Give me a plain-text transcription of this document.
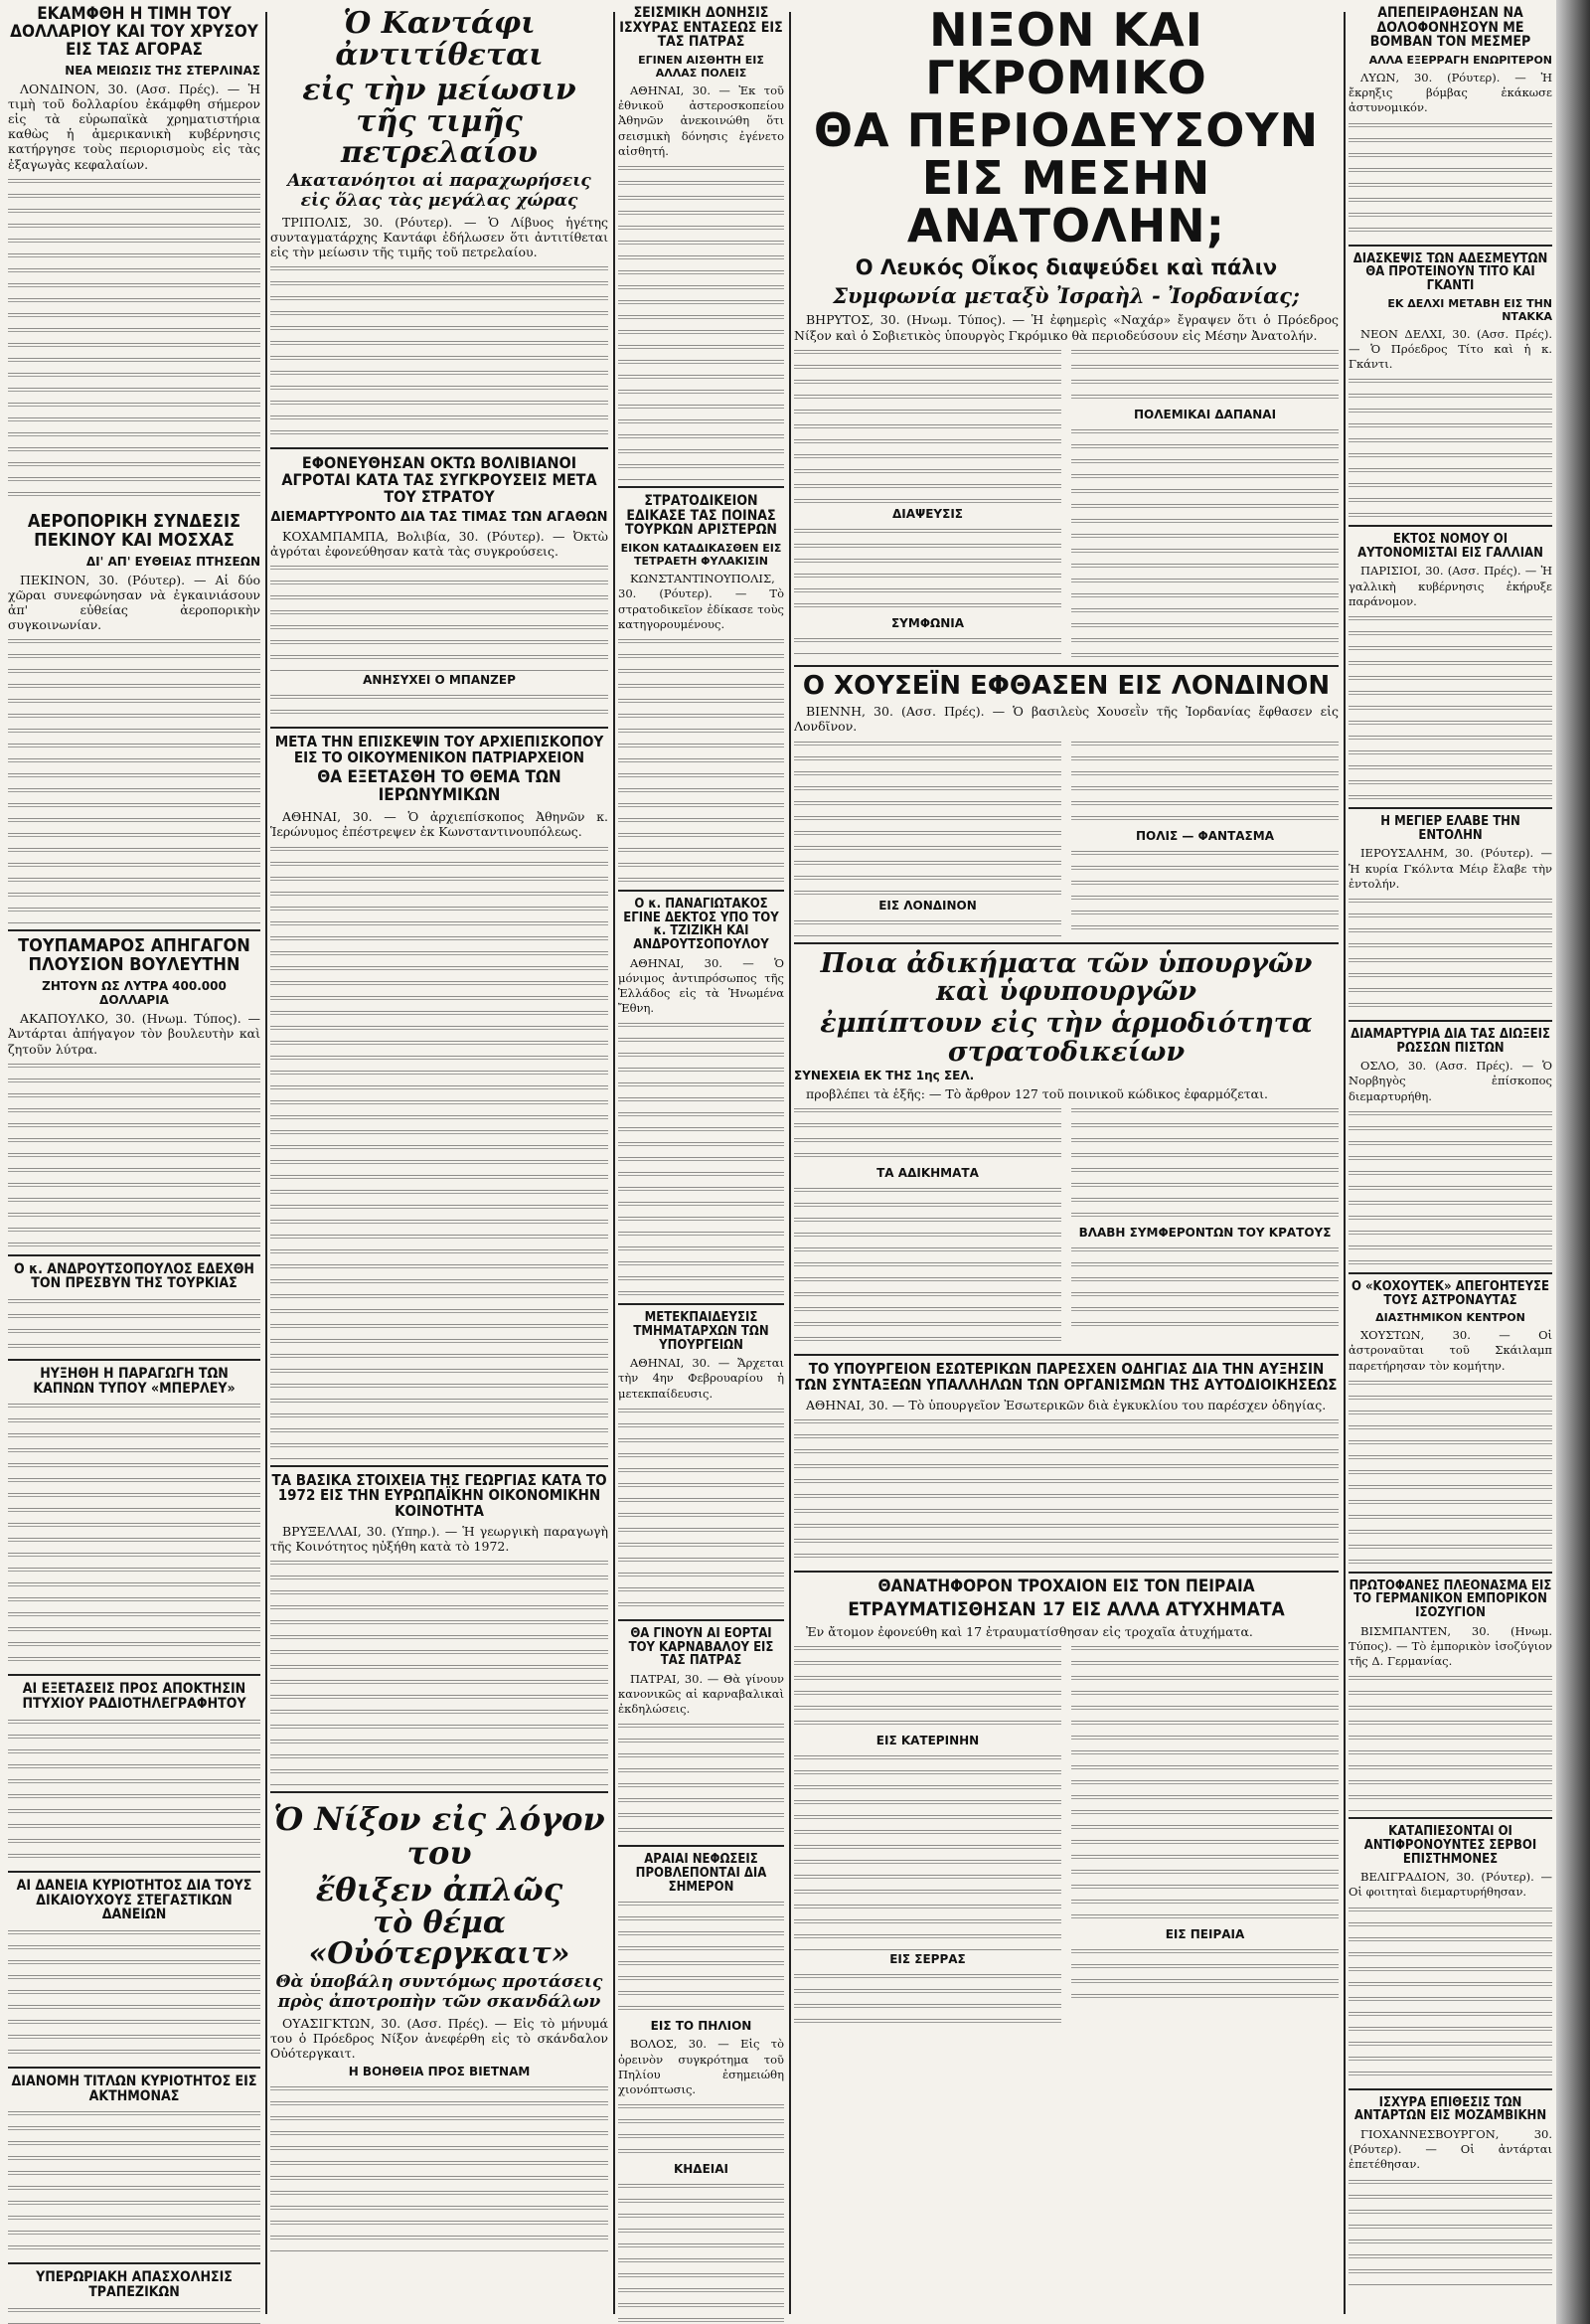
ΕΚΑΜΦΘΗ Η ΤΙΜΗ ΤΟΥ ΔΟΛΛΑΡΙΟΥ ΚΑΙ ΤΟΥ ΧΡΥΣΟΥ ΕΙΣ ΤΑΣ ΑΓΟΡΑΣ
ΝΕΑ ΜΕΙΩΣΙΣ ΤΗΣ ΣΤΕΡΛΙΝΑΣ

ΛΟΝΔΙΝΟΝ, 30. (Ασσ. Πρές). — Ἡ τιμὴ τοῦ δολλαρίου ἐκάμφθη σήμερον εἰς τὰ εὐρωπαϊκὰ χρηματιστήρια καθὼς ἡ ἀμερικανικὴ κυβέρνησις κατήργησε τοὺς περιορισμοὺς εἰς τὰς ἐξαγωγὰς κεφαλαίων.

ΑΕΡΟΠΟΡΙΚΗ ΣΥΝΔΕΣΙΣ ΠΕΚΙΝΟΥ ΚΑΙ ΜΟΣΧΑΣ
ΔΙ' ΑΠ' ΕΥΘΕΙΑΣ ΠΤΗΣΕΩΝ

ΠΕΚΙΝΟΝ, 30. (Ρόυτερ). — Αἱ δύο χῶραι συνεφώνησαν νὰ ἐγκαινιάσουν ἀπ' εὐθείας ἀεροπορικὴν συγκοινωνίαν.

ΤΟΥΠΑΜΑΡΟΣ ΑΠΗΓΑΓΟΝ ΠΛΟΥΣΙΟΝ ΒΟΥΛΕΥΤΗΝ
ΖΗΤΟΥΝ ΩΣ ΛΥΤΡΑ 400.000 ΔΟΛΛΑΡΙΑ

ΑΚΑΠΟΥΛΚΟ, 30. (Ηνωμ. Τύπος). — Ἀντάρται ἀπήγαγον τὸν βουλευτὴν καὶ ζητοῦν λύτρα.

Ο κ. ΑΝΔΡΟΥΤΣΟΠΟΥΛΟΣ ΕΔΕΧΘΗ ΤΟΝ ΠΡΕΣΒΥΝ ΤΗΣ ΤΟΥΡΚΙΑΣ
ΗΥΞΗΘΗ Η ΠΑΡΑΓΩΓΗ ΤΩΝ ΚΑΠΝΩΝ ΤΥΠΟΥ «ΜΠΕΡΛΕΥ»
ΑΙ ΕΞΕΤΑΣΕΙΣ ΠΡΟΣ ΑΠΟΚΤΗΣΙΝ ΠΤΥΧΙΟΥ ΡΑΔΙΟΤΗΛΕΓΡΑΦΗΤΟΥ
ΑΙ ΔΑΝΕΙΑ ΚΥΡΙΟΤΗΤΟΣ ΔΙΑ ΤΟΥΣ ΔΙΚΑΙΟΥΧΟΥΣ ΣΤΕΓΑΣΤΙΚΩΝ ΔΑΝΕΙΩΝ
ΔΙΑΝΟΜΗ ΤΙΤΛΩΝ ΚΥΡΙΟΤΗΤΟΣ ΕΙΣ ΑΚΤΗΜΟΝΑΣ
ΥΠΕΡΩΡΙΑΚΗ ΑΠΑΣΧΟΛΗΣΙΣ ΤΡΑΠΕΖΙΚΩΝ
Ὁ Καντάφι ἀντιτίθεται
εἰς τὴν μείωσιν
τῆς τιμῆς πετρελαίου
Ακατανόητοι αἱ παραχωρήσεις εἰς ὅλας τὰς μεγάλας χώρας

ΤΡΙΠΟΛΙΣ, 30. (Ρόυτερ). — Ὁ Λίβυος ἡγέτης συνταγματάρχης Καντάφι ἐδήλωσεν ὅτι ἀντιτίθεται εἰς τὴν μείωσιν τῆς τιμῆς τοῦ πετρελαίου.

ΕΦΟΝΕΥΘΗΣΑΝ ΟΚΤΩ ΒΟΛΙΒΙΑΝΟΙ ΑΓΡΟΤΑΙ ΚΑΤΑ ΤΑΣ ΣΥΓΚΡΟΥΣΕΙΣ ΜΕΤΑ ΤΟΥ ΣΤΡΑΤΟΥ
ΔΙΕΜΑΡΤΥΡΟΝΤΟ ΔΙΑ ΤΑΣ ΤΙΜΑΣ ΤΩΝ ΑΓΑΘΩΝ

ΚΟΧΑΜΠΑΜΠΑ, Βολιβία, 30. (Ρόυτερ). — Ὀκτὼ ἀγρόται ἐφονεύθησαν κατὰ τὰς συγκρούσεις.

ΑΝΗΣΥΧΕΙ Ο ΜΠΑΝΖΕΡ
ΜΕΤΑ ΤΗΝ ΕΠΙΣΚΕΨΙΝ ΤΟΥ ΑΡΧΙΕΠΙΣΚΟΠΟΥ ΕΙΣ ΤΟ ΟΙΚΟΥΜΕΝΙΚΟΝ ΠΑΤΡΙΑΡΧΕΙΟΝ
ΘΑ ΕΞΕΤΑΣΘΗ ΤΟ ΘΕΜΑ ΤΩΝ ΙΕΡΩΝΥΜΙΚΩΝ

ΑΘΗΝΑΙ, 30. — Ὁ ἀρχιεπίσκοπος Ἀθηνῶν κ. Ἱερώνυμος ἐπέστρεψεν ἐκ Κωνσταντινουπόλεως.

ΤΑ ΒΑΣΙΚΑ ΣΤΟΙΧΕΙΑ ΤΗΣ ΓΕΩΡΓΙΑΣ ΚΑΤΑ ΤΟ 1972 ΕΙΣ ΤΗΝ ΕΥΡΩΠΑΪΚΗΝ ΟΙΚΟΝΟΜΙΚΗΝ ΚΟΙΝΟΤΗΤΑ

ΒΡΥΞΕΛΛΑΙ, 30. (Υπηρ.). — Ἡ γεωργικὴ παραγωγὴ τῆς Κοινότητος ηὐξήθη κατὰ τὸ 1972.

Ὁ Νίξον εἰς λόγον του
ἔθιξεν ἀπλῶς
τὸ θέμα «Οὐότεργκαιτ»
Θὰ ὑποβάλη συντόμως προτάσεις πρὸς ἀποτροπὴν τῶν σκανδάλων

ΟΥΑΣΙΓΚΤΩΝ, 30. (Ασσ. Πρές). — Εἰς τὸ μήνυμά του ὁ Πρόεδρος Νίξον ἀνεφέρθη εἰς τὸ σκάνδαλον Οὐότεργκαιτ.

Η ΒΟΗΘΕΙΑ ΠΡΟΣ ΒΙΕΤΝΑΜ
ΣΕΙΣΜΙΚΗ ΔΟΝΗΣΙΣ ΙΣΧΥΡΑΣ ΕΝΤΑΣΕΩΣ ΕΙΣ ΤΑΣ ΠΑΤΡΑΣ
ΕΓΙΝΕΝ ΑΙΣΘΗΤΗ ΕΙΣ ΑΛΛΑΣ ΠΟΛΕΙΣ

ΑΘΗΝΑΙ, 30. — Ἐκ τοῦ ἐθνικοῦ ἀστεροσκοπείου Ἀθηνῶν ἀνεκοινώθη ὅτι σεισμικὴ δόνησις ἐγένετο αἰσθητή.

ΣΤΡΑΤΟΔΙΚΕΙΟΝ ΕΔΙΚΑΣΕ ΤΑΣ ΠΟΙΝΑΣ ΤΟΥΡΚΩΝ ΑΡΙΣΤΕΡΩΝ
ΕΙΚΟΝ ΚΑΤΑΔΙΚΑΣΘΕΝ ΕΙΣ ΤΕΤΡΑΕΤΗ ΦΥΛΑΚΙΣΙΝ

ΚΩΝΣΤΑΝΤΙΝΟΥΠΟΛΙΣ, 30. (Ρόυτερ). — Τὸ στρατοδικεῖον ἐδίκασε τοὺς κατηγορουμένους.

Ο κ. ΠΑΝΑΓΙΩΤΑΚΟΣ ΕΓΙΝΕ ΔΕΚΤΟΣ ΥΠΟ ΤΟΥ κ. ΤΖΙΖΙΚΗ ΚΑΙ ΑΝΔΡΟΥΤΣΟΠΟΥΛΟΥ

ΑΘΗΝΑΙ, 30. — Ὁ μόνιμος ἀντιπρόσωπος τῆς Ἑλλάδος εἰς τὰ Ἡνωμένα Ἔθνη.

ΜΕΤΕΚΠΑΙΔΕΥΣΙΣ ΤΜΗΜΑΤΑΡΧΩΝ ΤΩΝ ΥΠΟΥΡΓΕΙΩΝ

ΑΘΗΝΑΙ, 30. — Ἄρχεται τὴν 4ην Φεβρουαρίου ἡ μετεκπαίδευσις.

ΘΑ ΓΙΝΟΥΝ ΑΙ ΕΟΡΤΑΙ ΤΟΥ ΚΑΡΝΑΒΑΛΟΥ ΕΙΣ ΤΑΣ ΠΑΤΡΑΣ

ΠΑΤΡΑΙ, 30. — Θὰ γίνουν κανονικῶς αἱ καρναβαλικαὶ ἐκδηλώσεις.

ΑΡΑΙΑΙ ΝΕΦΩΣΕΙΣ ΠΡΟΒΛΕΠΟΝΤΑΙ ΔΙΑ ΣΗΜΕΡΟΝ
ΕΙΣ ΤΟ ΠΗΛΙΟΝ

ΒΟΛΟΣ, 30. — Εἰς τὸ ὀρεινὸν συγκρότημα τοῦ Πηλίου ἐσημειώθη χιονόπτωσις.

ΚΗΔΕΙΑΙ
ΝΙΞΟΝ ΚΑΙ ΓΚΡΟΜΙΚΟ
ΘΑ ΠΕΡΙΟΔΕΥΣΟΥΝ
ΕΙΣ ΜΕΣΗΝ ΑΝΑΤΟΛΗΝ;
Ο Λευκός Οἶκος διαψεύδει καὶ πάλιν
Συμφωνία μεταξὺ Ἰσραὴλ - Ἰορδανίας;

ΒΗΡΥΤΟΣ, 30. (Ηνωμ. Τύπος). — Ἡ ἐφημερὶς «Ναχάρ» ἔγραψεν ὅτι ὁ Πρόεδρος Νίξον καὶ ὁ Σοβιετικὸς ὑπουργὸς Γκρόμικο θὰ περιοδεύσουν εἰς Μέσην Ἀνατολήν.

ΔΙΑΨΕΥΣΙΣ
ΣΥΜΦΩΝΙΑ
ΠΟΛΕΜΙΚΑΙ ΔΑΠΑΝΑΙ
Ο ΧΟΥΣΕΪΝ ΕΦΘΑΣΕΝ ΕΙΣ ΛΟΝΔΙΝΟΝ

ΒΙΕΝΝΗ, 30. (Ασσ. Πρές). — Ὁ βασιλεὺς Χουσεῒν τῆς Ἰορδανίας ἔφθασεν εἰς Λονδῖνον.

ΕΙΣ ΛΟΝΔΙΝΟΝ
ΠΟΛΙΣ — ΦΑΝΤΑΣΜΑ
Ποια ἀδικήματα τῶν ὑπουργῶν καὶ ὑφυπουργῶν
ἐμπίπτουν εἰς τὴν ἁρμοδιότητα στρατοδικείων
ΣΥΝΕΧΕΙΑ ΕΚ ΤΗΣ 1ης ΣΕΛ.

προβλέπει τὰ ἑξῆς: — Τὸ ἄρθρον 127 τοῦ ποινικοῦ κώδικος ἐφαρμόζεται.

ΤΑ ΑΔΙΚΗΜΑΤΑ
ΒΛΑΒΗ ΣΥΜΦΕΡΟΝΤΩΝ ΤΟΥ ΚΡΑΤΟΥΣ
ΤΟ ΥΠΟΥΡΓΕΙΟΝ ΕΣΩΤΕΡΙΚΩΝ ΠΑΡΕΣΧΕΝ ΟΔΗΓΙΑΣ ΔΙΑ ΤΗΝ ΑΥΞΗΣΙΝ ΤΩΝ ΣΥΝΤΑΞΕΩΝ ΥΠΑΛΛΗΛΩΝ ΤΩΝ ΟΡΓΑΝΙΣΜΩΝ ΤΗΣ ΑΥΤΟΔΙΟΙΚΗΣΕΩΣ

ΑΘΗΝΑΙ, 30. — Τὸ ὑπουργεῖον Ἐσωτερικῶν διὰ ἐγκυκλίου του παρέσχεν ὁδηγίας.

ΘΑΝΑΤΗΦΟΡΟΝ ΤΡΟΧΑΙΟΝ ΕΙΣ ΤΟΝ ΠΕΙΡΑΙΑ
ΕΤΡΑΥΜΑΤΙΣΘΗΣΑΝ 17 ΕΙΣ ΑΛΛΑ ΑΤΥΧΗΜΑΤΑ

Ἐν ἄτομον ἐφονεύθη καὶ 17 ἐτραυματίσθησαν εἰς τροχαῖα ἀτυχήματα.

ΕΙΣ ΚΑΤΕΡΙΝΗΝ
ΕΙΣ ΣΕΡΡΑΣ
ΕΙΣ ΠΕΙΡΑΙΑ
ΑΠΕΠΕΙΡΑΘΗΣΑΝ ΝΑ ΔΟΛΟΦΟΝΗΣΟΥΝ ΜΕ ΒΟΜΒΑΝ ΤΟΝ ΜΕΣΜΕΡ
ΑΛΛΑ ΕΞΕΡΡΑΓΗ ΕΝΩΡΙΤΕΡΟΝ

ΛΥΩΝ, 30. (Ρόυτερ). — Ἡ ἔκρηξις βόμβας ἐκάκωσε ἀστυνομικόν.

ΔΙΑΣΚΕΨΙΣ ΤΩΝ ΑΔΕΣΜΕΥΤΩΝ ΘΑ ΠΡΟΤΕΙΝΟΥΝ ΤΙΤΟ ΚΑΙ ΓΚΑΝΤΙ
ΕΚ ΔΕΛΧΙ ΜΕΤΑΒΗ ΕΙΣ ΤΗΝ ΝΤΑΚΚΑ

ΝΕΟΝ ΔΕΛΧΙ, 30. (Ασσ. Πρές). — Ὁ Πρόεδρος Τίτο καὶ ἡ κ. Γκάντι.

ΕΚΤΟΣ ΝΟΜΟΥ ΟΙ ΑΥΤΟΝΟΜΙΣΤΑΙ ΕΙΣ ΓΑΛΛΙΑΝ

ΠΑΡΙΣΙΟΙ, 30. (Ασσ. Πρές). — Ἡ γαλλικὴ κυβέρνησις ἐκήρυξε παράνομον.

Η ΜΕΓΙΕΡ ΕΛΑΒΕ ΤΗΝ ΕΝΤΟΛΗΝ

ΙΕΡΟΥΣΑΛΗΜ, 30. (Ρόυτερ). — Ἡ κυρία Γκόλντα Μέιρ ἔλαβε τὴν ἐντολήν.

ΔΙΑΜΑΡΤΥΡΙΑ ΔΙΑ ΤΑΣ ΔΙΩΞΕΙΣ ΡΩΣΣΩΝ ΠΙΣΤΩΝ

ΟΣΛΟ, 30. (Ασσ. Πρές). — Ὁ Νορβηγὸς ἐπίσκοπος διεμαρτυρήθη.

Ο «ΚΟΧΟΥΤΕΚ» ΑΠΕΓΟΗΤΕΥΣΕ ΤΟΥΣ ΑΣΤΡΟΝΑΥΤΑΣ
ΔΙΑΣΤΗΜΙΚΟΝ ΚΕΝΤΡΟΝ

ΧΟΥΣΤΩΝ, 30. — Οἱ ἀστροναῦται τοῦ Σκάιλαμπ παρετήρησαν τὸν κομήτην.

ΠΡΩΤΟΦΑΝΕΣ ΠΛΕΟΝΑΣΜΑ ΕΙΣ ΤΟ ΓΕΡΜΑΝΙΚΟΝ ΕΜΠΟΡΙΚΟΝ ΙΣΟΖΥΓΙΟΝ

ΒΙΣΜΠΑΝΤΕΝ, 30. (Ηνωμ. Τύπος). — Τὸ ἐμπορικὸν ἰσοζύγιον τῆς Δ. Γερμανίας.

ΚΑΤΑΠΙΕΣΟΝΤΑΙ ΟΙ ΑΝΤΙΦΡΟΝΟΥΝΤΕΣ ΣΕΡΒΟΙ ΕΠΙΣΤΗΜΟΝΕΣ

ΒΕΛΙΓΡΑΔΙΟΝ, 30. (Ρόυτερ). — Οἱ φοιτηταὶ διεμαρτυρήθησαν.

ΙΣΧΥΡΑ ΕΠΙΘΕΣΙΣ ΤΩΝ ΑΝΤΑΡΤΩΝ ΕΙΣ ΜΟΖΑΜΒΙΚΗΝ

ΓΙΟΧΑΝΝΕΣΒΟΥΡΓΟΝ, 30. (Ρόυτερ). — Οἱ ἀντάρται ἐπετέθησαν.
